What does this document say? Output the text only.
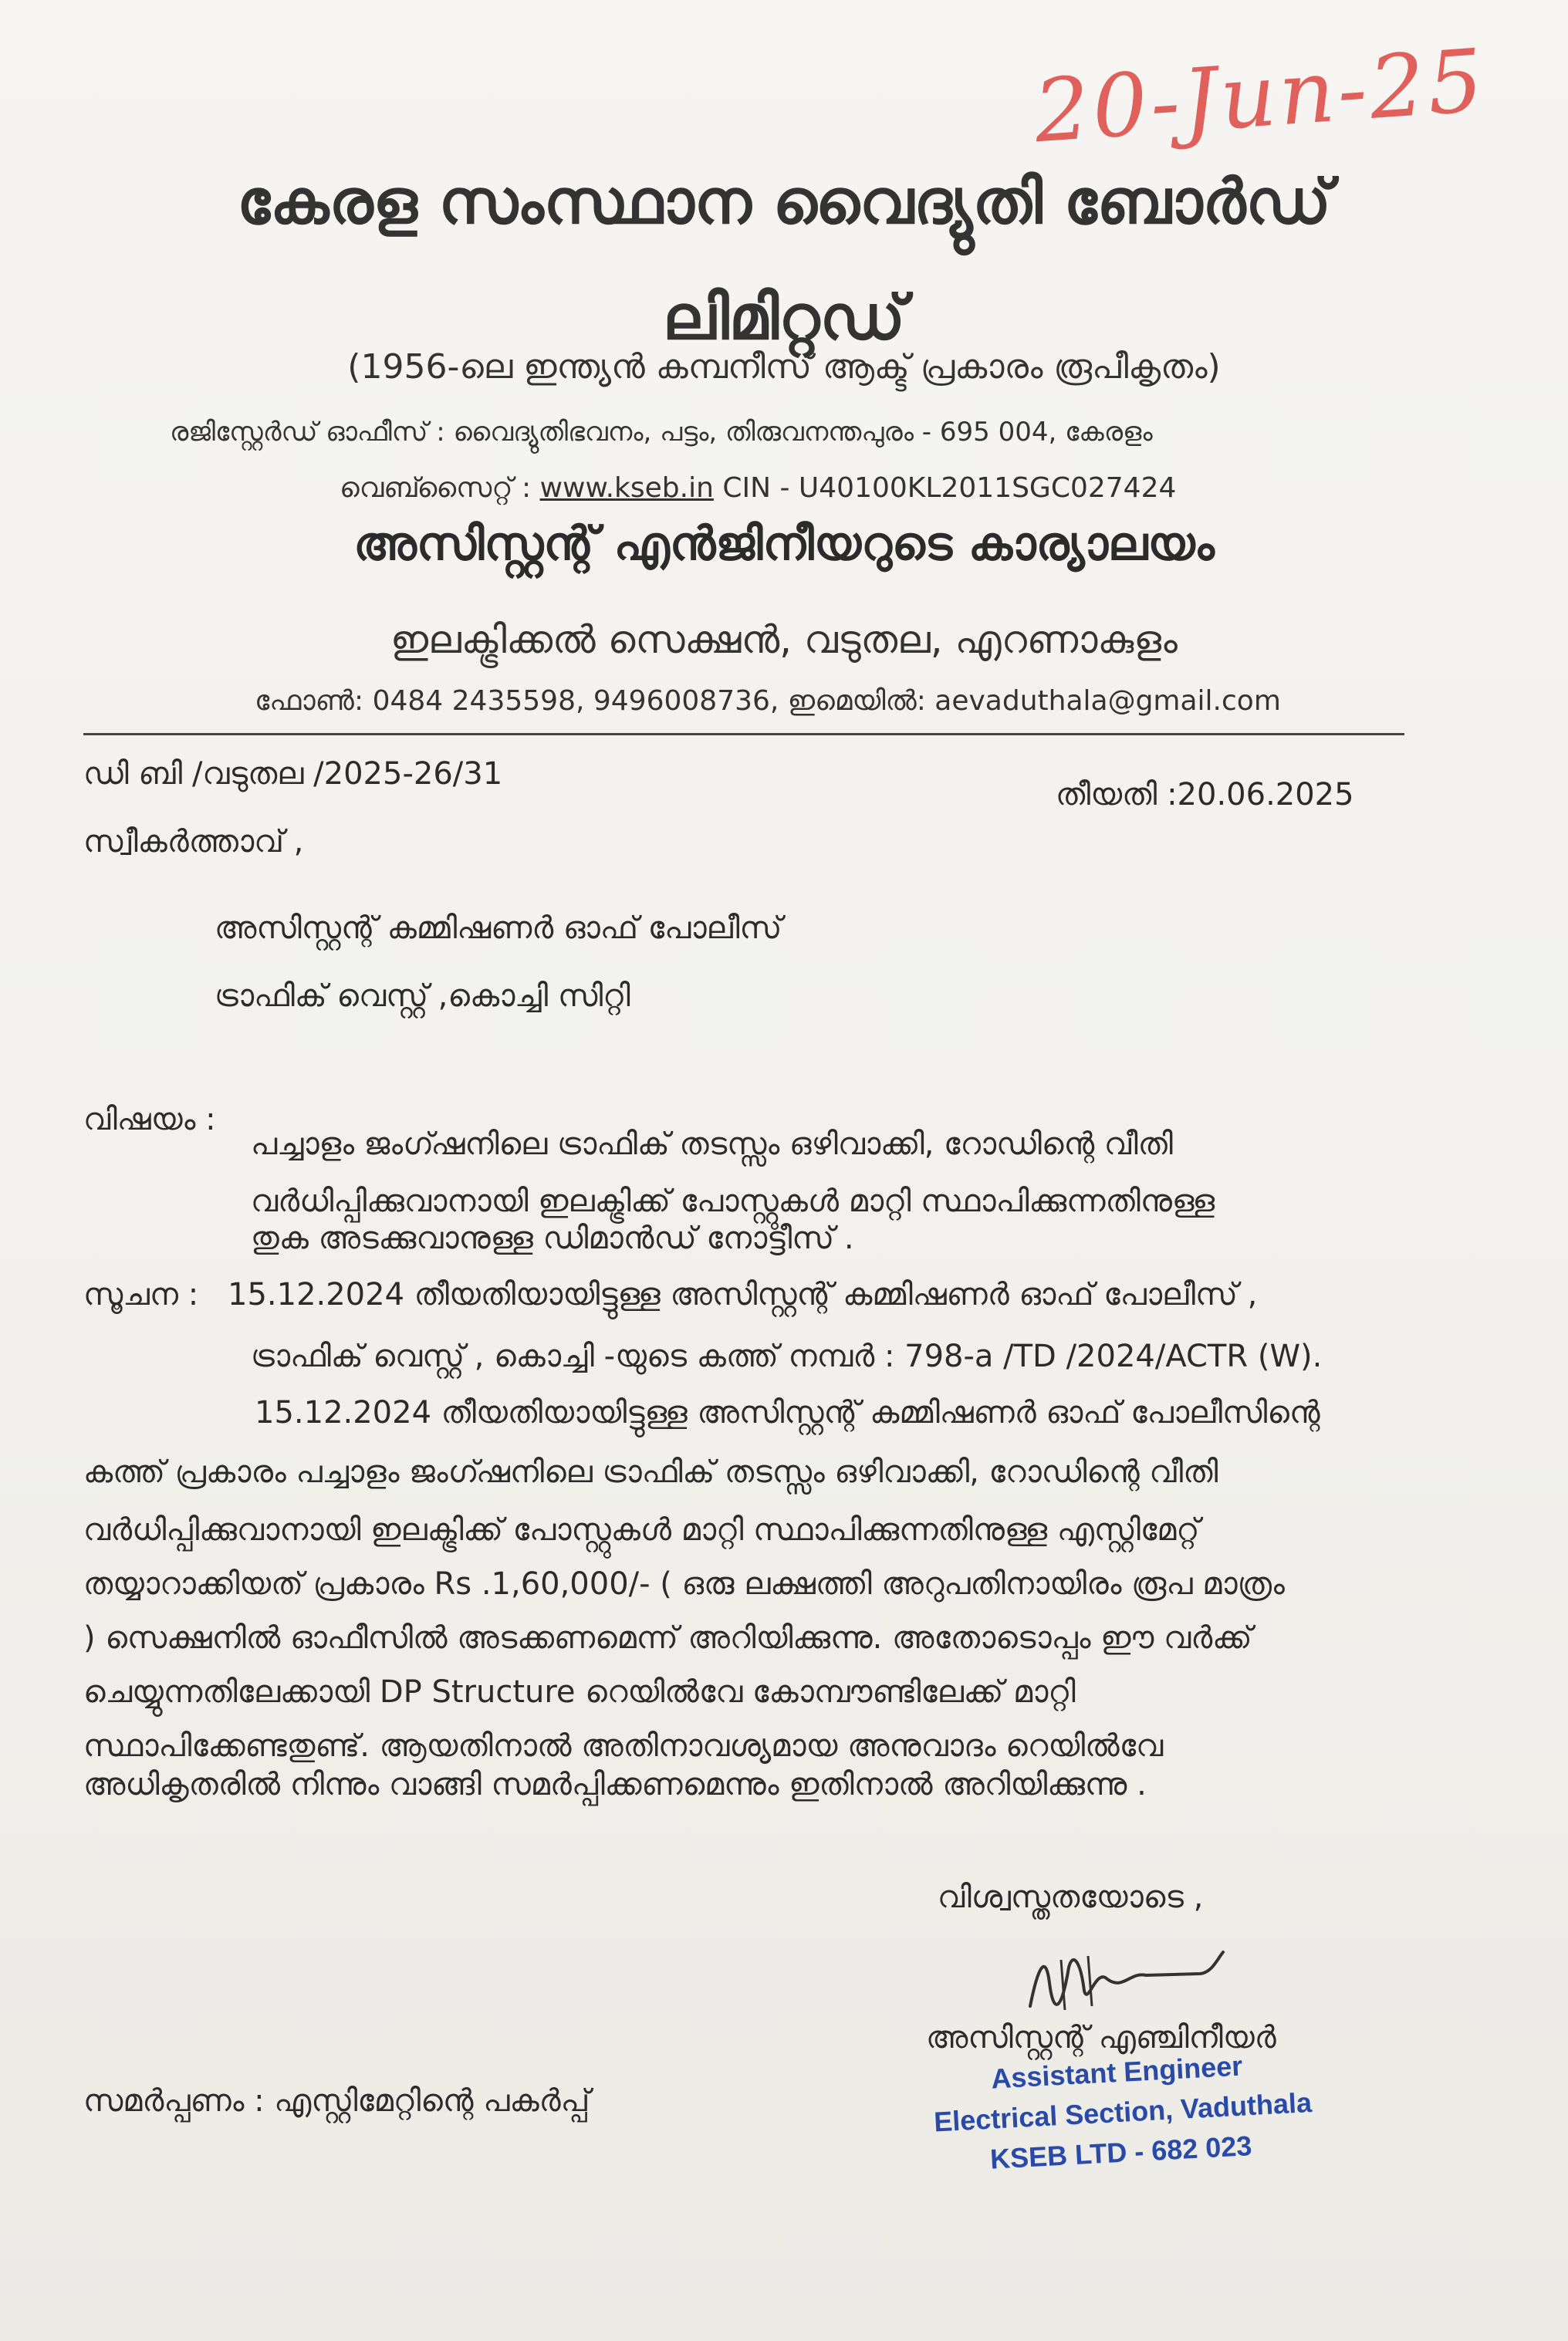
20-Jun-25
കേരള സംസ്ഥാന വൈദ്യുതി ബോർഡ്
ലിമിറ്റഡ്
(1956-ലെ ഇന്ത്യൻ കമ്പനീസ് ആക്ട് പ്രകാരം രൂപീകൃതം)
രജിസ്റ്റേർഡ് ഓഫീസ് : വൈദ്യുതിഭവനം, പട്ടം, തിരുവനന്തപുരം - 695 004, കേരളം
വെബ്സൈറ്റ് : www.kseb.in CIN - U40100KL2011SGC027424
അസിസ്റ്റന്റ് എൻജിനീയറുടെ കാര്യാലയം
ഇലക്ട്രിക്കൽ സെക്ഷൻ, വടുതല, എറണാകുളം
ഫോൺ: 0484 2435598, 9496008736, ഇമെയിൽ: aevaduthala@gmail.com
ഡി ബി /വടുതല /2025-26/31
തീയതി :20.06.2025
സ്വീകർത്താവ് ,
അസിസ്റ്റന്റ് കമ്മിഷണർ ഓഫ് പോലീസ്
ട്രാഫിക് വെസ്റ്റ് ,കൊച്ചി സിറ്റി
വിഷയം :
പച്ചാളം ജംഗ്ഷനിലെ ട്രാഫിക് തടസ്സം ഒഴിവാക്കി, റോഡിന്റെ വീതി
വർധിപ്പിക്കുവാനായി ഇലക്ട്രിക്ക് പോസ്റ്റുകൾ മാറ്റി സ്ഥാപിക്കുന്നതിനുള്ള
തുക അടക്കുവാനുള്ള ഡിമാൻഡ് നോട്ടീസ് .
സൂചന : 15.12.2024 തീയതിയായിട്ടുള്ള അസിസ്റ്റന്റ് കമ്മിഷണർ ഓഫ് പോലീസ് ,
ട്രാഫിക് വെസ്റ്റ് , കൊച്ചി -യുടെ കത്ത് നമ്പർ : 798-a /TD /2024/ACTR (W).
15.12.2024 തീയതിയായിട്ടുള്ള അസിസ്റ്റന്റ് കമ്മിഷണർ ഓഫ് പോലീസിന്റെ
കത്ത് പ്രകാരം പച്ചാളം ജംഗ്ഷനിലെ ട്രാഫിക് തടസ്സം ഒഴിവാക്കി, റോഡിന്റെ വീതി
വർധിപ്പിക്കുവാനായി ഇലക്ട്രിക്ക് പോസ്റ്റുകൾ മാറ്റി സ്ഥാപിക്കുന്നതിനുള്ള എസ്റ്റിമേറ്റ്
തയ്യാറാക്കിയത് പ്രകാരം Rs .1,60,000/- ( ഒരു ലക്ഷത്തി അറുപതിനായിരം രൂപ മാത്രം
) സെക്ഷനിൽ ഓഫീസിൽ അടക്കണമെന്ന് അറിയിക്കുന്നു. അതോടൊപ്പം ഈ വർക്ക്
ചെയ്യുന്നതിലേക്കായി DP Structure റെയിൽവേ കോമ്പൗണ്ടിലേക്ക് മാറ്റി
സ്ഥാപിക്കേണ്ടതുണ്ട്. ആയതിനാൽ അതിനാവശ്യമായ അനുവാദം റെയിൽവേ
അധികൃതരിൽ നിന്നും വാങ്ങി സമർപ്പിക്കണമെന്നും ഇതിനാൽ അറിയിക്കുന്നു .
വിശ്വസ്തതയോടെ ,
അസിസ്റ്റന്റ് എഞ്ചിനീയർ
Assistant Engineer
Electrical Section, Vaduthala
KSEB LTD - 682 023
സമർപ്പണം : എസ്റ്റിമേറ്റിന്റെ പകർപ്പ്
